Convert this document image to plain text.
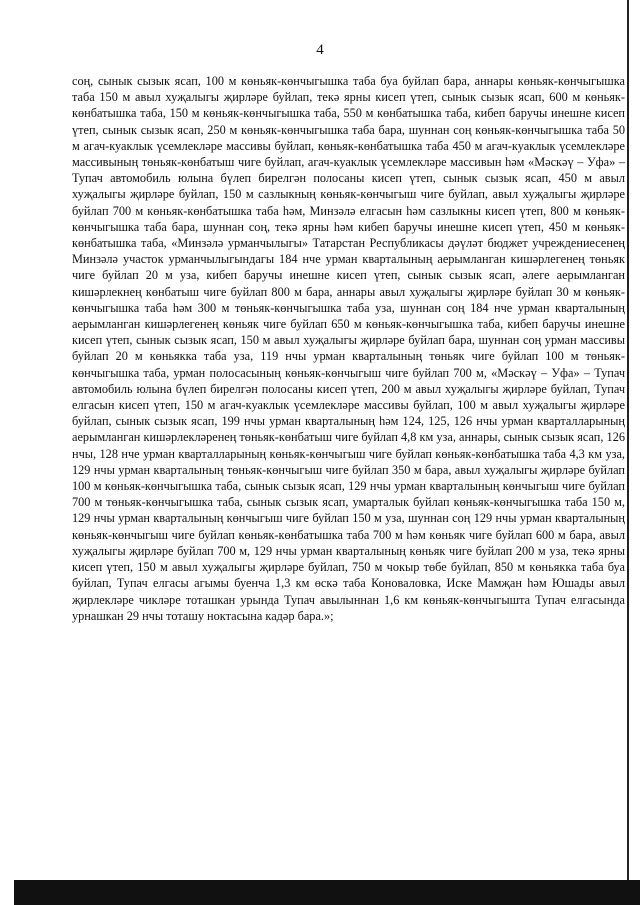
4

соң, сынык сызык ясап, 100 м көньяк-көнчыгышка таба буа буйлап бара, аннары көньяк-көнчыгышка таба 150 м авыл хуҗалыгы җирләре буйлап, текә ярны кисеп үтеп, сынык сызык ясап, 600 м көньяк-көнбатышка таба, 150 м көньяк-көнчыгышка таба, 550 м көнбатышка таба, кибеп баручы инешне кисеп үтеп, сынык сызык ясап, 250 м көньяк-көнчыгышка таба бара, шуннан соң көньяк-көнчыгышка таба 50 м агач-куаклык үсемлекләре массивы буйлап, көньяк-көнбатышка таба 450 м агач-куаклык үсемлекләре массивының төньяк-көнбатыш чиге буйлап, агач-куаклык үсемлекләре массивын һәм «Мәскәү – Уфа» – Тупач автомобиль юлына бүлеп бирелгән полосаны кисеп үтеп, сынык сызык ясап, 450 м авыл хуҗалыгы җирләре буйлап, 150 м сазлыкның көньяк-көнчыгыш чиге буйлап, авыл хуҗалыгы җирләре буйлап 700 м көньяк-көнбатышка таба һәм, Минзәлә елгасын һәм сазлыкны кисеп үтеп, 800 м көньяк-көнчыгышка таба бара, шуннан соң, текә ярны һәм кибеп баручы инешне кисеп үтеп, 450 м көньяк-көнбатышка таба, «Минзәлә урманчылыгы» Татарстан Республикасы дәүләт бюджет учреждениесенең Минзәлә участок урманчылыгындагы 184 нче урман кварталының аерымланган кишәрлегенең төньяк чиге буйлап 20 м уза, кибеп баручы инешне кисеп үтеп, сынык сызык ясап, әлеге аерымланган кишәрлекнең көнбатыш чиге буйлап 800 м бара, аннары авыл хуҗалыгы җирләре буйлап 30 м көньяк-көнчыгышка таба һәм 300 м төньяк-көнчыгышка таба уза, шуннан соң 184 нче урман кварталының аерымланган кишәрлегенең көньяк чиге буйлап 650 м көньяк-көнчыгышка таба, кибеп баручы инешне кисеп үтеп, сынык сызык ясап, 150 м авыл хуҗалыгы җирләре буйлап бара, шуннан соң урман массивы буйлап 20 м көньякка таба уза, 119 нчы урман кварталының төньяк чиге буйлап 100 м төньяк-көнчыгышка таба, урман полосасының көньяк-көнчыгыш чиге буйлап 700 м, «Мәскәү – Уфа» – Тупач автомобиль юлына бүлеп бирелгән полосаны кисеп үтеп, 200 м авыл хуҗалыгы җирләре буйлап, Тупач елгасын кисеп үтеп, 150 м агач-куаклык үсемлекләре массивы буйлап, 100 м авыл хуҗалыгы җирләре буйлап, сынык сызык ясап, 199 нчы урман кварталының һәм 124, 125, 126 нчы урман кварталларының аерымланган кишәрлекләренең төньяк-көнбатыш чиге буйлап 4,8 км уза, аннары, сынык сызык ясап, 126 нчы, 128 нче урман кварталларының көньяк-көнчыгыш чиге буйлап көньяк-көнбатышка таба 4,3 км уза, 129 нчы урман кварталының төньяк-көнчыгыш чиге буйлап 350 м бара, авыл хуҗалыгы җирләре буйлап 100 м көньяк-көнчыгышка таба, сынык сызык ясап, 129 нчы урман кварталының көнчыгыш чиге буйлап 700 м төньяк-көнчыгышка таба, сынык сызык ясап, умарталык буйлап көньяк-көнчыгышка таба 150 м, 129 нчы урман кварталының көнчыгыш чиге буйлап 150 м уза, шуннан соң 129 нчы урман кварталының көньяк-көнчыгыш чиге буйлап көньяк-көнбатышка таба 700 м һәм көньяк чиге буйлап 600 м бара, авыл хуҗалыгы җирләре буйлап 700 м, 129 нчы урман кварталының көньяк чиге буйлап 200 м уза, текә ярны кисеп үтеп, 150 м авыл хуҗалыгы җирләре буйлап, 750 м чокыр төбе буйлап, 850 м көньякка таба буа буйлап, Тупач елгасы агымы буенча 1,3 км өскә таба Коноваловка, Иске Мамҗан һәм Юшады авыл җирлекләре чикләре тоташкан урында Тупач авылыннан 1,6 км көньяк-көнчыгышта Тупач елгасында урнашкан 29 нчы тоташу ноктасына кадәр бара.»;
